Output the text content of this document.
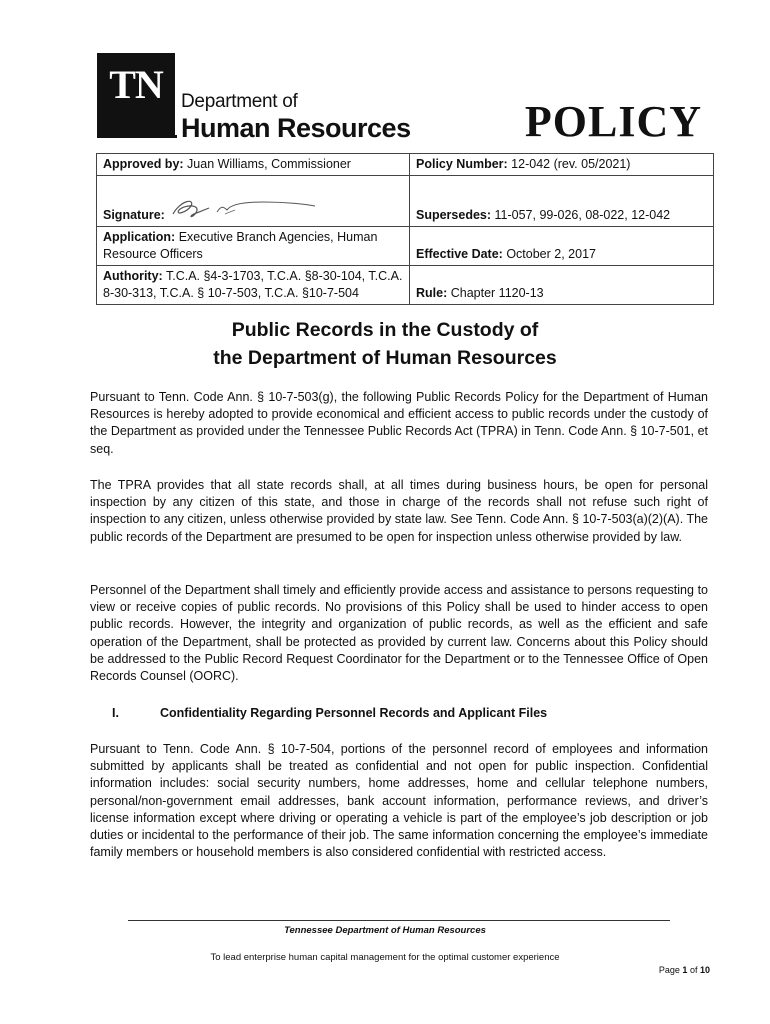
TN Department of
Human Resources	POLICY
Approved by: Juan Williams, Commissioner	Policy Number: 12-042 (rev. 05/2021)

Signature:	Supersedes: 11-057, 99-026, 08-022, 12-042
Application: Executive Branch Agencies, Human Resource Officers	Effective Date: October 2, 2017
Authority: T.C.A. §4-3-1703, T.C.A. §8-30-104, T.C.A. 8-30-313, T.C.A. § 10-7-503, T.C.A. §10-7-504	Rule: Chapter 1120-13
Public Records in the Custody of
the Department of Human Resources
Pursuant to Tenn. Code Ann. § 10-7-503(g), the following Public Records Policy for the Department of Human Resources is hereby adopted to provide economical and efficient access to public records under the custody of the Department as provided under the Tennessee Public Records Act (TPRA) in Tenn. Code Ann. § 10-7-501, et seq.
The TPRA provides that all state records shall, at all times during business hours, be open for personal inspection by any citizen of this state, and those in charge of the records shall not refuse such right of inspection to any citizen, unless otherwise provided by state law. See Tenn. Code Ann. § 10-7-503(a)(2)(A). The public records of the Department are presumed to be open for inspection unless otherwise provided by law.
Personnel of the Department shall timely and efficiently provide access and assistance to persons requesting to view or receive copies of public records. No provisions of this Policy shall be used to hinder access to open public records. However, the integrity and organization of public records, as well as the efficient and safe operation of the Department, shall be protected as provided by current law. Concerns about this Policy should be addressed to the Public Record Request Coordinator for the Department or to the Tennessee Office of Open Records Counsel (OORC).
I.	Confidentiality Regarding Personnel Records and Applicant Files
Pursuant to Tenn. Code Ann. § 10-7-504, portions of the personnel record of employees and information submitted by applicants shall be treated as confidential and not open for public inspection. Confidential information includes: social security numbers, home addresses, home and cellular telephone numbers, personal/non-government email addresses, bank account information, performance reviews, and driver’s license information except where driving or operating a vehicle is part of the employee’s job description or job duties or incidental to the performance of their job. The same information concerning the employee’s immediate family members or household members is also considered confidential with restricted access.
Tennessee Department of Human Resources
To lead enterprise human capital management for the optimal customer experience
Page 1 of 10
